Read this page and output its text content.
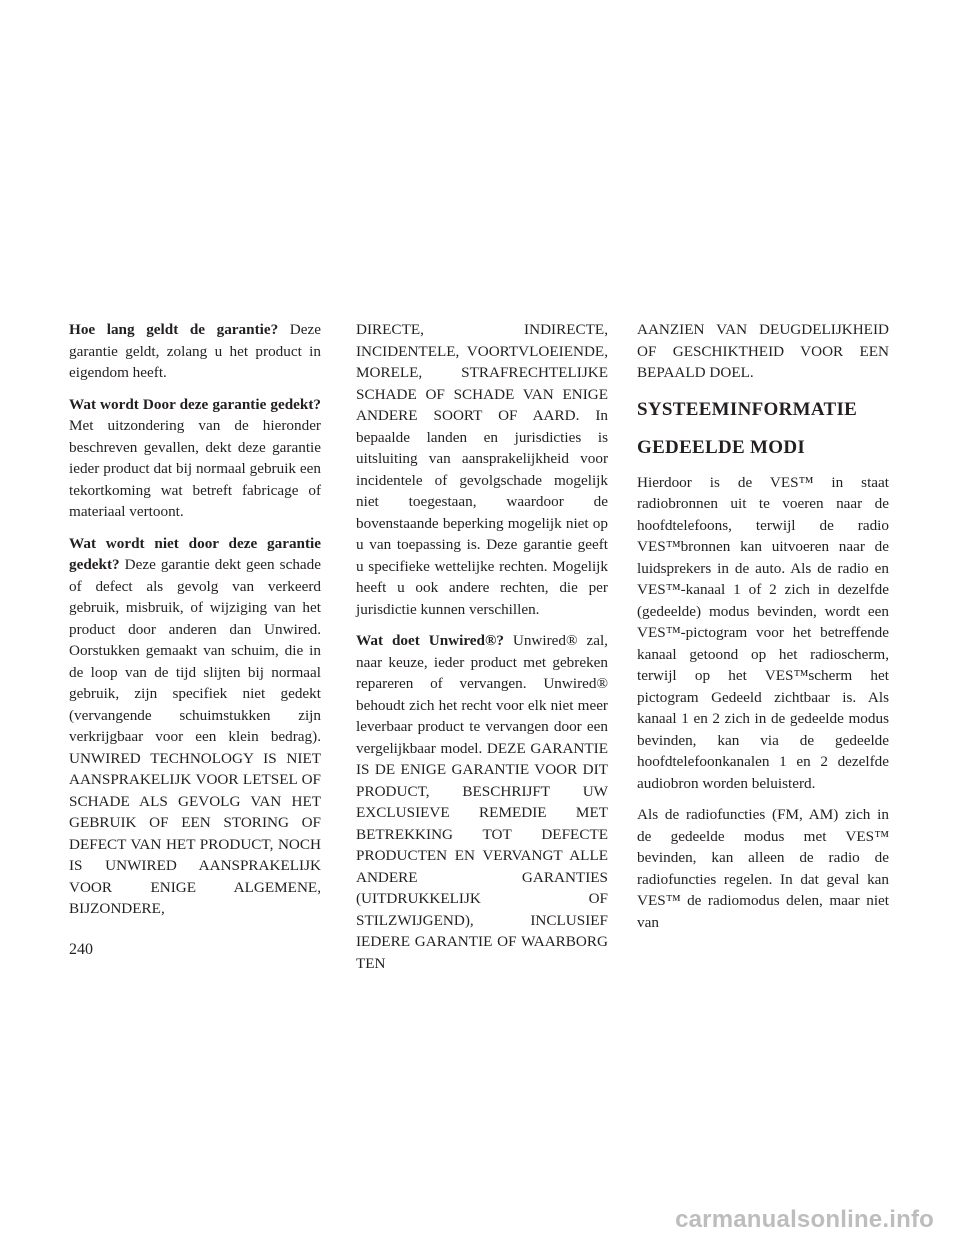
Hoe lang geldt de garantie? Deze garantie geldt, zolang u het product in eigendom heeft.

Wat wordt Door deze garantie gedekt? Met uitzondering van de hieronder beschreven gevallen, dekt deze garantie ieder product dat bij normaal gebruik een tekortkoming wat betreft fabricage of materiaal vertoont.

Wat wordt niet door deze garantie gedekt? Deze garantie dekt geen schade of defect als gevolg van verkeerd gebruik, misbruik, of wijziging van het product door anderen dan Unwired. Oorstukken gemaakt van schuim, die in de loop van de tijd slijten bij normaal gebruik, zijn specifiek niet gedekt (vervangende schuimstukken zijn verkrijgbaar voor een klein bedrag). UNWIRED TECHNOLOGY IS NIET AANSPRAKELIJK VOOR LETSEL OF SCHADE ALS GEVOLG VAN HET GEBRUIK OF EEN STORING OF DEFECT VAN HET PRODUCT, NOCH IS UNWIRED AANSPRAKELIJK VOOR ENIGE ALGEMENE, BIJZONDERE,

DIRECTE, INDIRECTE, INCIDENTELE, VOORTVLOEIENDE, MORELE, STRAFRECHTELIJKE SCHADE OF SCHADE VAN ENIGE ANDERE SOORT OF AARD. In bepaalde landen en jurisdicties is uitsluiting van aansprakelijkheid voor incidentele of gevolgschade mogelijk niet toegestaan, waardoor de bovenstaande beperking mogelijk niet op u van toepassing is. Deze garantie geeft u specifieke wettelijke rechten. Mogelijk heeft u ook andere rechten, die per jurisdictie kunnen verschillen.

Wat doet Unwired®? Unwired® zal, naar keuze, ieder product met gebreken repareren of vervangen. Unwired® behoudt zich het recht voor elk niet meer leverbaar product te vervangen door een vergelijkbaar model. DEZE GARANTIE IS DE ENIGE GARANTIE VOOR DIT PRODUCT, BESCHRIJFT UW EXCLUSIEVE REMEDIE MET BETREKKING TOT DEFECTE PRODUCTEN EN VERVANGT ALLE ANDERE GARANTIES (UITDRUKKELIJK OF STILZWIJGEND), INCLUSIEF IEDERE GARANTIE OF WAARBORG TEN

AANZIEN VAN DEUGDELIJKHEID OF GESCHIKTHEID VOOR EEN BEPAALD DOEL.

SYSTEEMINFORMATIE
GEDEELDE MODI

Hierdoor is de VES™ in staat radiobronnen uit te voeren naar de hoofdtelefoons, terwijl de radio VES™bronnen kan uitvoeren naar de luidsprekers in de auto. Als de radio en VES™-kanaal 1 of 2 zich in dezelfde (gedeelde) modus bevinden, wordt een VES™-pictogram voor het betreffende kanaal getoond op het radioscherm, terwijl op het VES™scherm het pictogram Gedeeld zichtbaar is. Als kanaal 1 en 2 zich in de gedeelde modus bevinden, kan via de gedeelde hoofdtelefoonkanalen 1 en 2 dezelfde audiobron worden beluisterd.

Als de radiofuncties (FM, AM) zich in de gedeelde modus met VES™ bevinden, kan alleen de radio de radiofuncties regelen. In dat geval kan VES™ de radiomodus delen, maar niet van

240
carmanualsonline.info
